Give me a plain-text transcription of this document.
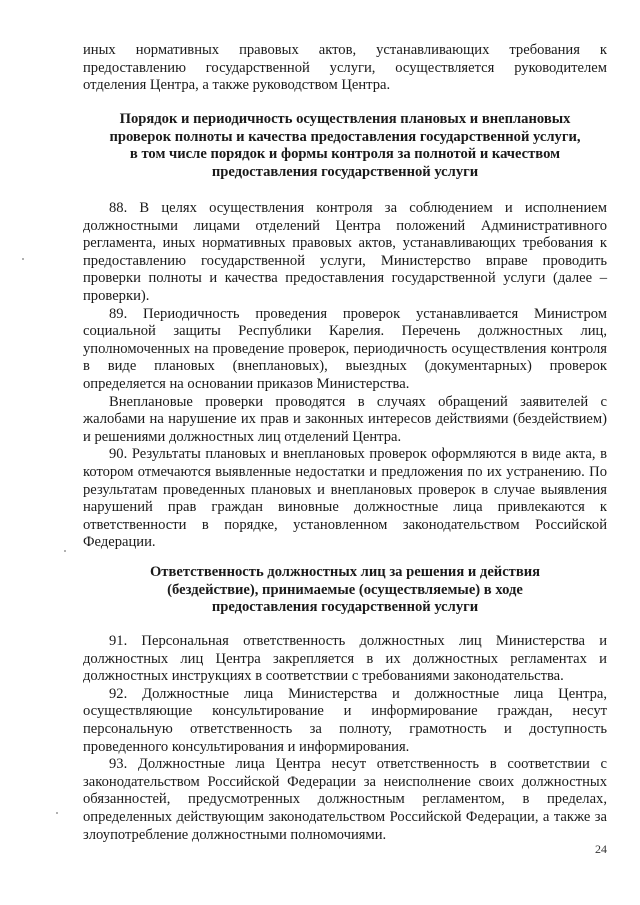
иных нормативных правовых актов, устанавливающих требования к предоставлению государственной услуги, осуществляется руководителем отделения Центра, а также руководством Центра.

Порядок и периодичность осуществления плановых и внеплановых
проверок полноты и качества предоставления государственной услуги,
в том числе порядок и формы контроля за полнотой и качеством
предоставления государственной услуги

88. В целях осуществления контроля за соблюдением и исполнением должностными лицами отделений Центра положений Административного регламента, иных нормативных правовых актов, устанавливающих требования к предоставлению государственной услуги, Министерство вправе проводить проверки полноты и качества предоставления государственной услуги (далее – проверки).

89. Периодичность проведения проверок устанавливается Министром социальной защиты Республики Карелия. Перечень должностных лиц, уполномоченных на проведение проверок, периодичность осуществления контроля в виде плановых (внеплановых), выездных (документарных) проверок определяется на основании приказов Министерства.

Внеплановые проверки проводятся в случаях обращений заявителей с жалобами на нарушение их прав и законных интересов действиями (бездействием) и решениями должностных лиц отделений Центра.

90. Результаты плановых и внеплановых проверок оформляются в виде акта, в котором отмечаются выявленные недостатки и предложения по их устранению. По результатам проведенных плановых и внеплановых проверок в случае выявления нарушений прав граждан виновные должностные лица привлекаются к ответственности в порядке, установленном законодательством Российской Федерации.

Ответственность должностных лиц за решения и действия
(бездействие), принимаемые (осуществляемые) в ходе
предоставления государственной услуги

91. Персональная ответственность должностных лиц Министерства и должностных лиц Центра закрепляется в их должностных регламентах и должностных инструкциях в соответствии с требованиями законодательства.

92. Должностные лица Министерства и должностные лица Центра, осуществляющие консультирование и информирование граждан, несут персональную ответственность за полноту, грамотность и доступность проведенного консультирования и информирования.

93. Должностные лица Центра несут ответственность в соответствии с законодательством Российской Федерации за неисполнение своих должностных обязанностей, предусмотренных должностным регламентом, в пределах, определенных действующим законодательством Российской Федерации, а также за злоупотребление должностными полномочиями.

24
